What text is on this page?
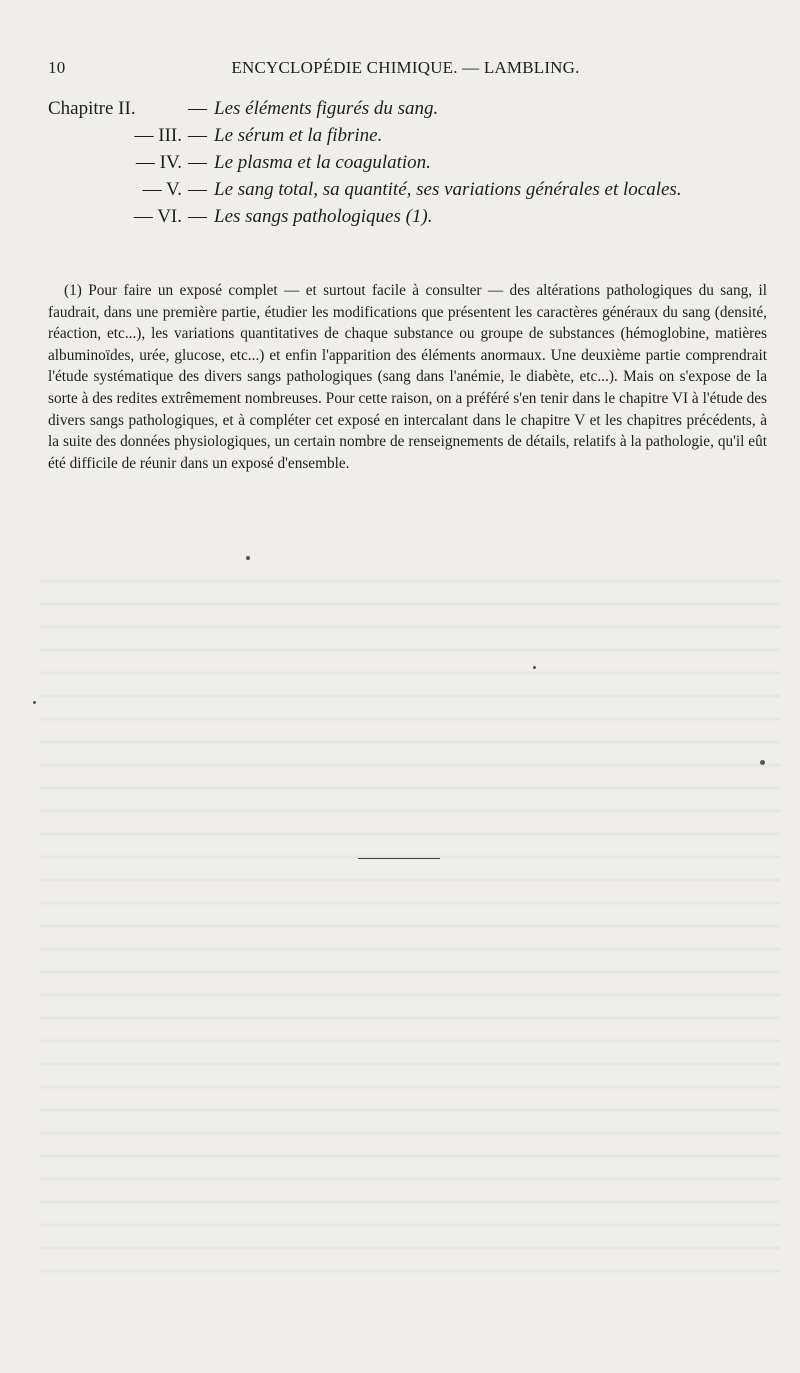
10	ENCYCLOPÉDIE CHIMIQUE. — LAMBLING.
Chapitre II.	— Les éléments figurés du sang.
— III. — Le sérum et la fibrine.
— IV. — Le plasma et la coagulation.
— V. — Le sang total, sa quantité, ses variations générales et locales.
— VI. — Les sangs pathologiques (1).

(1) Pour faire un exposé complet — et surtout facile à consulter — des altérations pathologiques du sang, il faudrait, dans une première partie, étudier les modifications que présentent les caractères généraux du sang (densité, réaction, etc...), les variations quantitatives de chaque substance ou groupe de substances (hémoglobine, matières albuminoïdes, urée, glucose, etc...) et enfin l'apparition des éléments anormaux. Une deuxième partie comprendrait l'étude systématique des divers sangs pathologiques (sang dans l'anémie, le diabète, etc...). Mais on s'expose de la sorte à des redites extrêmement nombreuses. Pour cette raison, on a préféré s'en tenir dans le chapitre VI à l'étude des divers sangs pathologiques, et à compléter cet exposé en intercalant dans le chapitre V et les chapitres précédents, à la suite des données physiologiques, un certain nombre de renseignements de détails, relatifs à la pathologie, qu'il eût été difficile de réunir dans un exposé d'ensemble.
